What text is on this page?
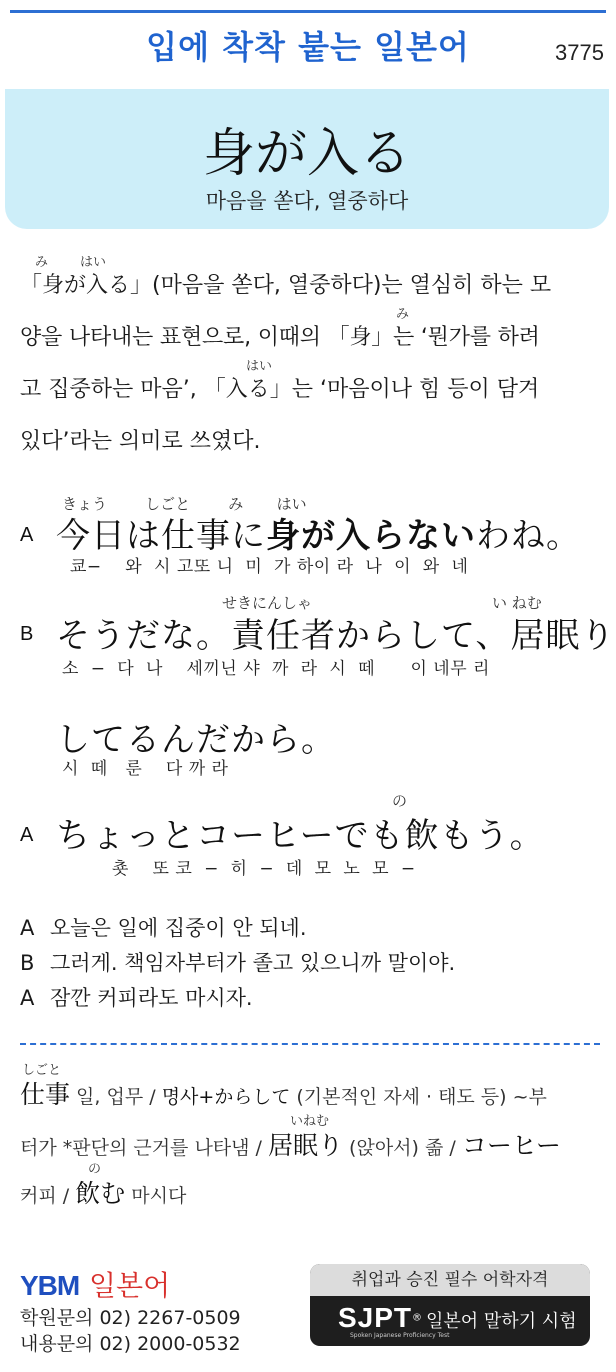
입에 착착 붙는 일본어	3775
身が入る
마음을 쏟다, 열중하다
み はい
み
はい
「身が入る」(마음을 쏟다, 열중하다)는 열심히 하는 모
양을 나타내는 표현으로, 이때의 「身」는 ‘뭔가를 하려
고 집중하는 마음’, 「入る」는 ‘마음이나 힘 등이 담겨
있다’라는 의미로 쓰였다.
きょう        しごと        み       はい
A 今日は仕事に身が入らないわね。
쿄−    와  시 고또 니  미  가 하이 라  나  이  와  네
せきにんしゃ	い ねむ
B そうだな。責任者からして、居眠り
소  −  다  나    세끼닌 샤  까  라  시  떼      이 네무 리
してるんだから。
시  떼   룬    다 까 라
の
A ちょっとコーヒーでも飲もう。
춋    또 코  −  히  −  데  모  노  모  −
A 오늘은 일에 집중이 안 되네.
B 그러게. 책임자부터가 졸고 있으니까 말이야.
A 잠깐 커피라도 마시자.
しごと
仕事 일, 업무 / 명사+からして (기본적인 자세 · 태도 등) ~부
いねむ
터가 *판단의 근거를 나타냄 / 居眠り (앉아서) 졺 / コーヒー
の
커피 / 飲む 마시다
YBM 일본어
학원문의 02) 2267-0509
내용문의 02) 2000-0532
취업과 승진 필수 어학자격
SJPT® 일본어 말하기 시험
Spoken Japanese Proficiency Test
